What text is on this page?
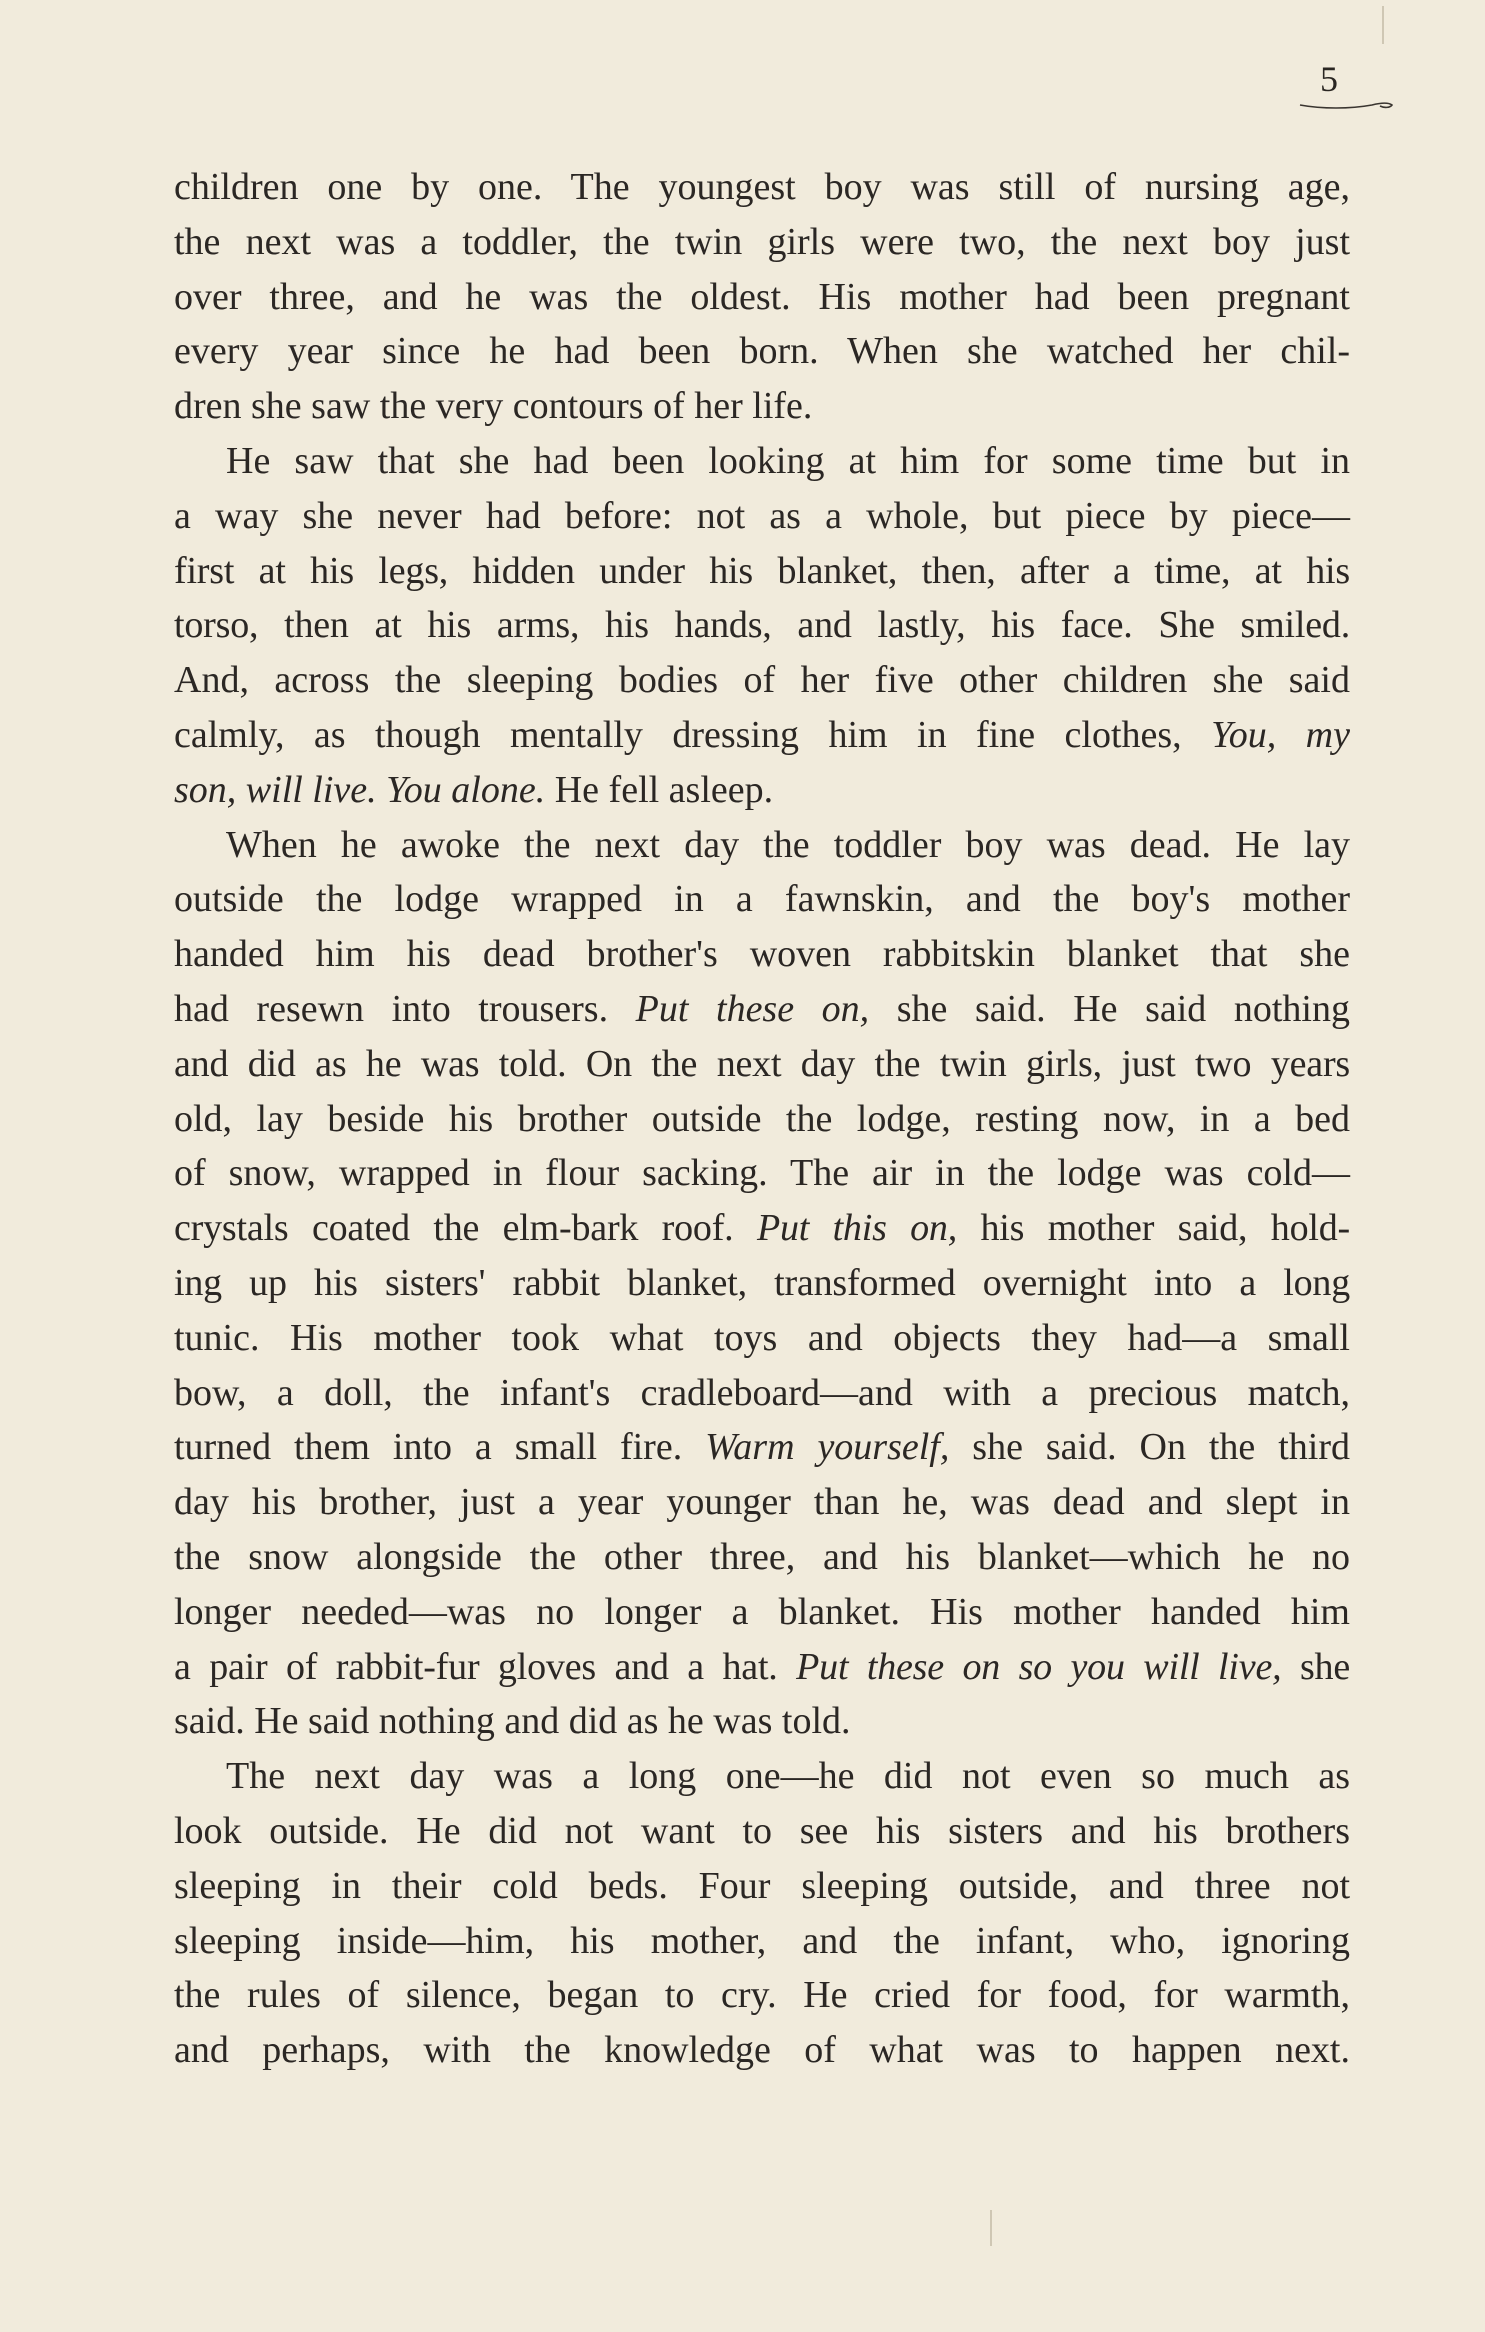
5
children one by one. The youngest boy was still of nursing age,
the next was a toddler, the twin girls were two, the next boy just
over three, and he was the oldest. His mother had been pregnant
every year since he had been born. When she watched her chil-
dren she saw the very contours of her life.
He saw that she had been looking at him for some time but in
a way she never had before: not as a whole, but piece by piece—
first at his legs, hidden under his blanket, then, after a time, at his
torso, then at his arms, his hands, and lastly, his face. She smiled.
And, across the sleeping bodies of her five other children she said
calmly, as though mentally dressing him in fine clothes, You, my
son, will live. You alone. He fell asleep.
When he awoke the next day the toddler boy was dead. He lay
outside the lodge wrapped in a fawnskin, and the boy's mother
handed him his dead brother's woven rabbitskin blanket that she
had resewn into trousers. Put these on, she said. He said nothing
and did as he was told. On the next day the twin girls, just two years
old, lay beside his brother outside the lodge, resting now, in a bed
of snow, wrapped in flour sacking. The air in the lodge was cold—
crystals coated the elm-bark roof. Put this on, his mother said, hold-
ing up his sisters' rabbit blanket, transformed overnight into a long
tunic. His mother took what toys and objects they had—a small
bow, a doll, the infant's cradleboard—and with a precious match,
turned them into a small fire. Warm yourself, she said. On the third
day his brother, just a year younger than he, was dead and slept in
the snow alongside the other three, and his blanket—which he no
longer needed—was no longer a blanket. His mother handed him
a pair of rabbit-fur gloves and a hat. Put these on so you will live, she
said. He said nothing and did as he was told.
The next day was a long one—he did not even so much as
look outside. He did not want to see his sisters and his brothers
sleeping in their cold beds. Four sleeping outside, and three not
sleeping inside—him, his mother, and the infant, who, ignoring
the rules of silence, began to cry. He cried for food, for warmth,
and perhaps, with the knowledge of what was to happen next.
